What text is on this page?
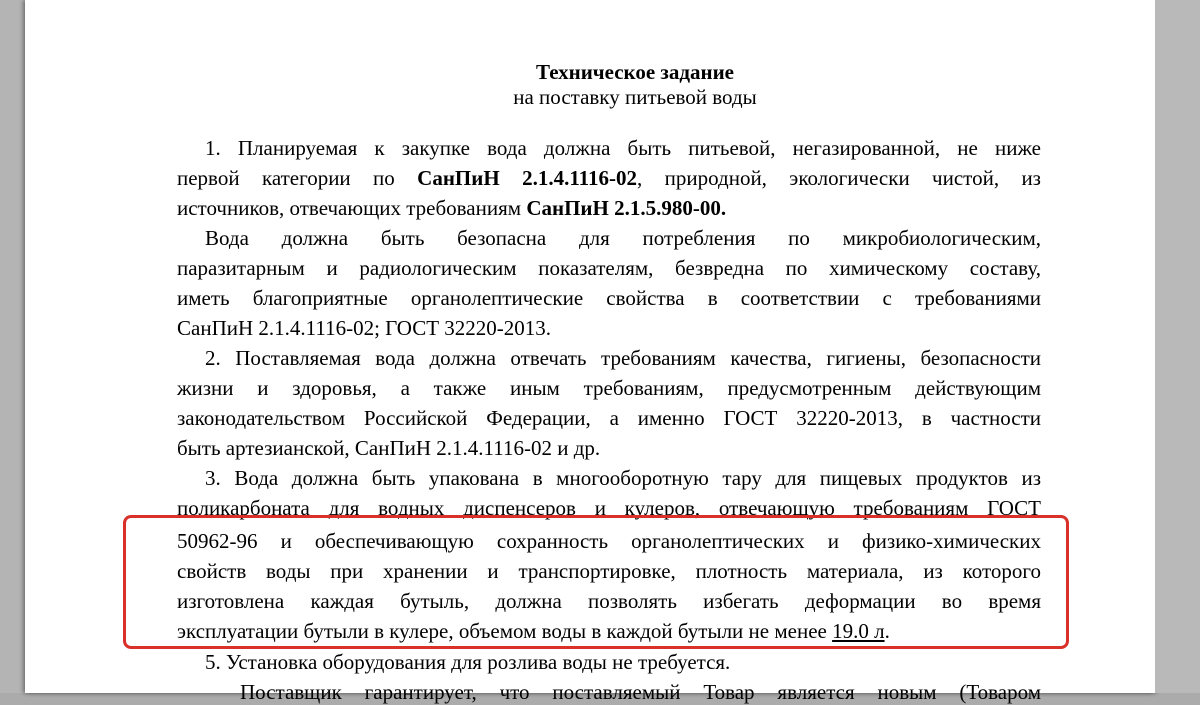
Техническое задание
на поставку питьевой воды
1. Планируемая к закупке вода должна быть питьевой, негазированной, не ниже
первой категории по СанПиН 2.1.4.1116-02, природной, экологически чистой, из
источников, отвечающих требованиям СанПиН 2.1.5.980-00.
Вода должна быть безопасна для потребления по микробиологическим,
паразитарным и радиологическим показателям, безвредна по химическому составу,
иметь благоприятные органолептические свойства в соответствии с требованиями
СанПиН 2.1.4.1116-02; ГОСТ 32220-2013.
2. Поставляемая вода должна отвечать требованиям качества, гигиены, безопасности
жизни и здоровья, а также иным требованиям, предусмотренным действующим
законодательством Российской Федерации, а именно ГОСТ 32220-2013, в частности
быть артезианской, СанПиН 2.1.4.1116-02 и др.
3. Вода должна быть упакована в многооборотную тару для пищевых продуктов из
поликарбоната для водных диспенсеров и кулеров, отвечающую требованиям ГОСТ
50962-96 и обеспечивающую сохранность органолептических и физико-химических
свойств воды при хранении и транспортировке, плотность материала, из которого
изготовлена каждая бутыль, должна позволять избегать деформации во время
эксплуатации бутыли в кулере, объемом воды в каждой бутыли не менее 19.0 л.
5. Установка оборудования для розлива воды не требуется.
Поставщик гарантирует, что поставляемый Товар является новым (Товаром
